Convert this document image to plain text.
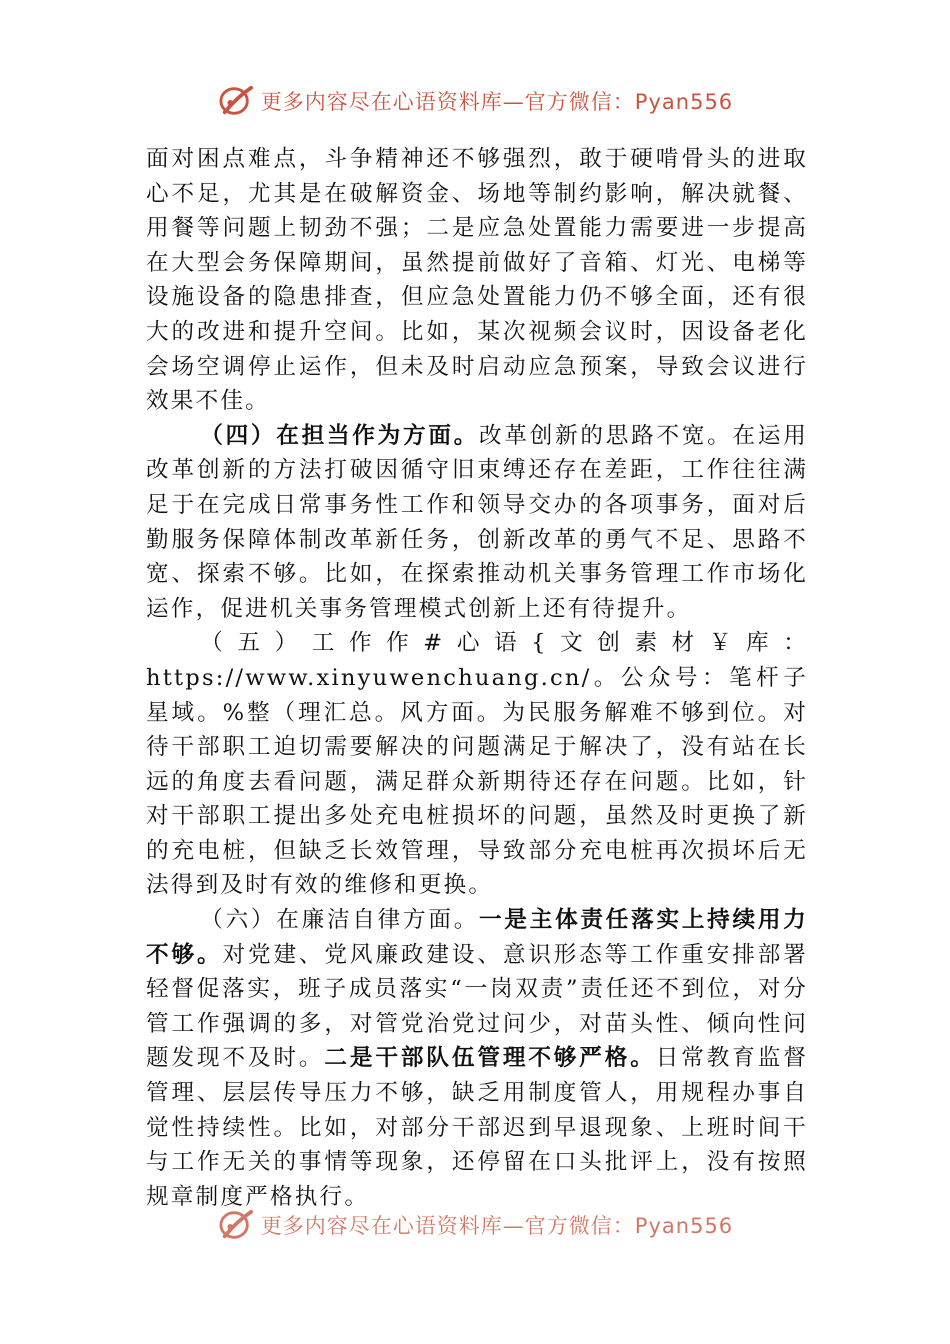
更多内容尽在心语资料库—官方微信：Pyan556

面对困点难点，斗争精神还不够强烈，敢于硬啃骨头的进取心不足，尤其是在破解资金、场地等制约影响，解决就餐、用餐等问题上韧劲不强；二是应急处置能力需要进一步提高在大型会务保障期间，虽然提前做好了音箱、灯光、电梯等设施设备的隐患排查，但应急处置能力仍不够全面，还有很大的改进和提升空间。比如，某次视频会议时，因设备老化会场空调停止运作，但未及时启动应急预案，导致会议进行效果不佳。

（四）在担当作为方面。改革创新的思路不宽。在运用改革创新的方法打破因循守旧束缚还存在差距，工作往往满足于在完成日常事务性工作和领导交办的各项事务，面对后勤服务保障体制改革新任务，创新改革的勇气不足、思路不宽、探索不够。比如，在探索推动机关事务管理工作市场化运作，促进机关事务管理模式创新上还有待提升。

（五）工作作#心语{文创素材￥库：https://www.xinyuwenchuang.cn/。公众号：笔杆子星域。%整（理汇总。风方面。为民服务解难不够到位。对待干部职工迫切需要解决的问题满足于解决了，没有站在长远的角度去看问题，满足群众新期待还存在问题。比如，针对干部职工提出多处充电桩损坏的问题，虽然及时更换了新的充电桩，但缺乏长效管理，导致部分充电桩再次损坏后无法得到及时有效的维修和更换。

（六）在廉洁自律方面。一是主体责任落实上持续用力不够。对党建、党风廉政建设、意识形态等工作重安排部署轻督促落实，班子成员落实“一岗双责”责任还不到位，对分管工作强调的多，对管党治党过问少，对苗头性、倾向性问题发现不及时。二是干部队伍管理不够严格。日常教育监督管理、层层传导压力不够，缺乏用制度管人，用规程办事自觉性持续性。比如，对部分干部迟到早退现象、上班时间干与工作无关的事情等现象，还停留在口头批评上，没有按照规章制度严格执行。

更多内容尽在心语资料库—官方微信：Pyan556
